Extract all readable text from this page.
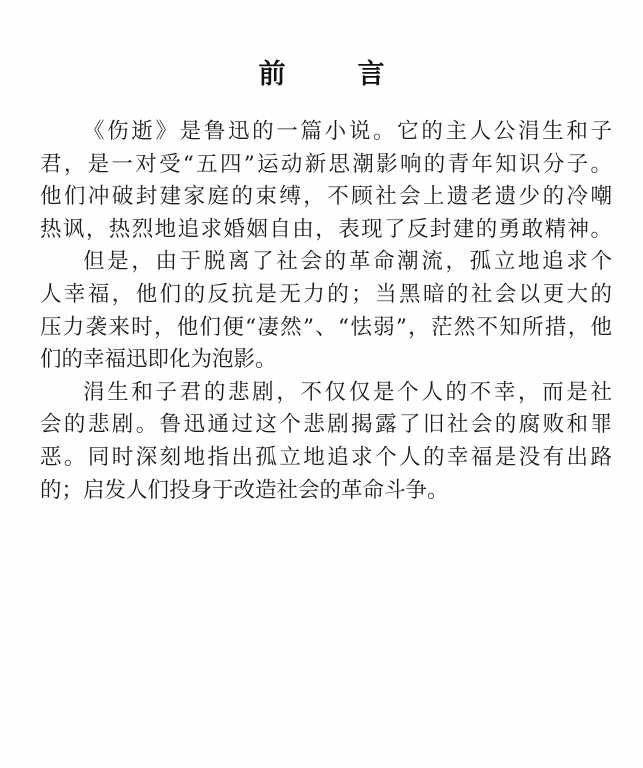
前	言
《伤逝》是鲁迅的一篇小说。它的主人公涓生和子
君，是一对受“五四”运动新思潮影响的青年知识分子。
他们冲破封建家庭的束缚，不顾社会上遗老遗少的冷嘲
热讽，热烈地追求婚姻自由，表现了反封建的勇敢精神。
但是，由于脱离了社会的革命潮流，孤立地追求个
人幸福，他们的反抗是无力的；当黑暗的社会以更大的
压力袭来时，他们便“凄然”、“怯弱”，茫然不知所措，他
们的幸福迅即化为泡影。
涓生和子君的悲剧，不仅仅是个人的不幸，而是社
会的悲剧。鲁迅通过这个悲剧揭露了旧社会的腐败和罪
恶。同时深刻地指出孤立地追求个人的幸福是没有出路
的；启发人们投身于改造社会的革命斗争。
